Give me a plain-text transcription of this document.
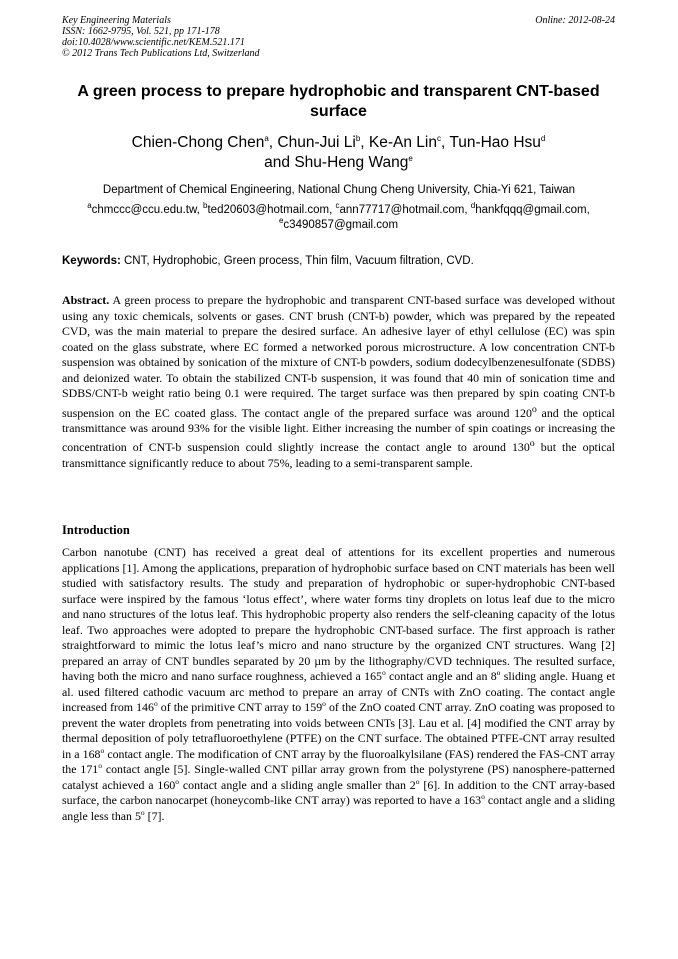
Key Engineering Materials
ISSN: 1662-9795, Vol. 521, pp 171-178
doi:10.4028/www.scientific.net/KEM.521.171
© 2012 Trans Tech Publications Ltd, Switzerland
Online: 2012-08-24
A green process to prepare hydrophobic and transparent CNT-based surface
Chien-Chong Chen$^a$, Chun-Jui Li$^b$, Ke-An Lin$^c$, Tun-Hao Hsu$^d$
and Shu-Heng Wang$^e$
Department of Chemical Engineering, National Chung Cheng University, Chia-Yi 621, Taiwan
$^a$chmccc@ccu.edu.tw, $^b$ted20603@hotmail.com, $^c$ann77717@hotmail.com, $^d$hankfqqq@gmail.com,
$^e$c3490857@gmail.com
Keywords: CNT, Hydrophobic, Green process, Thin film, Vacuum filtration, CVD.
Abstract. A green process to prepare the hydrophobic and transparent CNT-based surface was developed without using any toxic chemicals, solvents or gases. CNT brush (CNT-b) powder, which was prepared by the repeated CVD, was the main material to prepare the desired surface. An adhesive layer of ethyl cellulose (EC) was spin coated on the glass substrate, where EC formed a networked porous microstructure. A low concentration CNT-b suspension was obtained by sonication of the mixture of CNT-b powders, sodium dodecylbenzenesulfonate (SDBS) and deionized water. To obtain the stabilized CNT-b suspension, it was found that 40 min of sonication time and SDBS/CNT-b weight ratio being 0.1 were required. The target surface was then prepared by spin coating CNT-b suspension on the EC coated glass. The contact angle of the prepared surface was around 120$^o$ and the optical transmittance was around 93% for the visible light. Either increasing the number of spin coatings or increasing the concentration of CNT-b suspension could slightly increase the contact angle to around 130$^o$ but the optical transmittance significantly reduce to about 75%, leading to a semi-transparent sample.
Introduction
Carbon nanotube (CNT) has received a great deal of attentions for its excellent properties and numerous applications [1]. Among the applications, preparation of hydrophobic surface based on CNT materials has been well studied with satisfactory results. The study and preparation of hydrophobic or super-hydrophobic CNT-based surface were inspired by the famous ‘lotus effect’, where water forms tiny droplets on lotus leaf due to the micro and nano structures of the lotus leaf. This hydrophobic property also renders the self-cleaning capacity of the lotus leaf. Two approaches were adopted to prepare the hydrophobic CNT-based surface. The first approach is rather straightforward to mimic the lotus leaf’s micro and nano structure by the organized CNT structures. Wang [2] prepared an array of CNT bundles separated by 20 µm by the lithography/CVD techniques. The resulted surface, having both the micro and nano surface roughness, achieved a 165$^o$ contact angle and an 8$^o$ sliding angle. Huang et al. used filtered cathodic vacuum arc method to prepare an array of CNTs with ZnO coating. The contact angle increased from 146$^o$ of the primitive CNT array to 159$^o$ of the ZnO coated CNT array. ZnO coating was proposed to prevent the water droplets from penetrating into voids between CNTs [3]. Lau et al. [4] modified the CNT array by thermal deposition of poly tetrafluoroethylene (PTFE) on the CNT surface. The obtained PTFE-CNT array resulted in a 168$^o$ contact angle. The modification of CNT array by the fluoroalkylsilane (FAS) rendered the FAS-CNT array the 171$^o$ contact angle [5]. Single-walled CNT pillar array grown from the polystyrene (PS) nanosphere-patterned catalyst achieved a 160$^o$ contact angle and a sliding angle smaller than 2$^o$ [6]. In addition to the CNT array-based surface, the carbon nanocarpet (honeycomb-like CNT array) was reported to have a 163$^o$ contact angle and a sliding angle less than 5$^o$ [7].
